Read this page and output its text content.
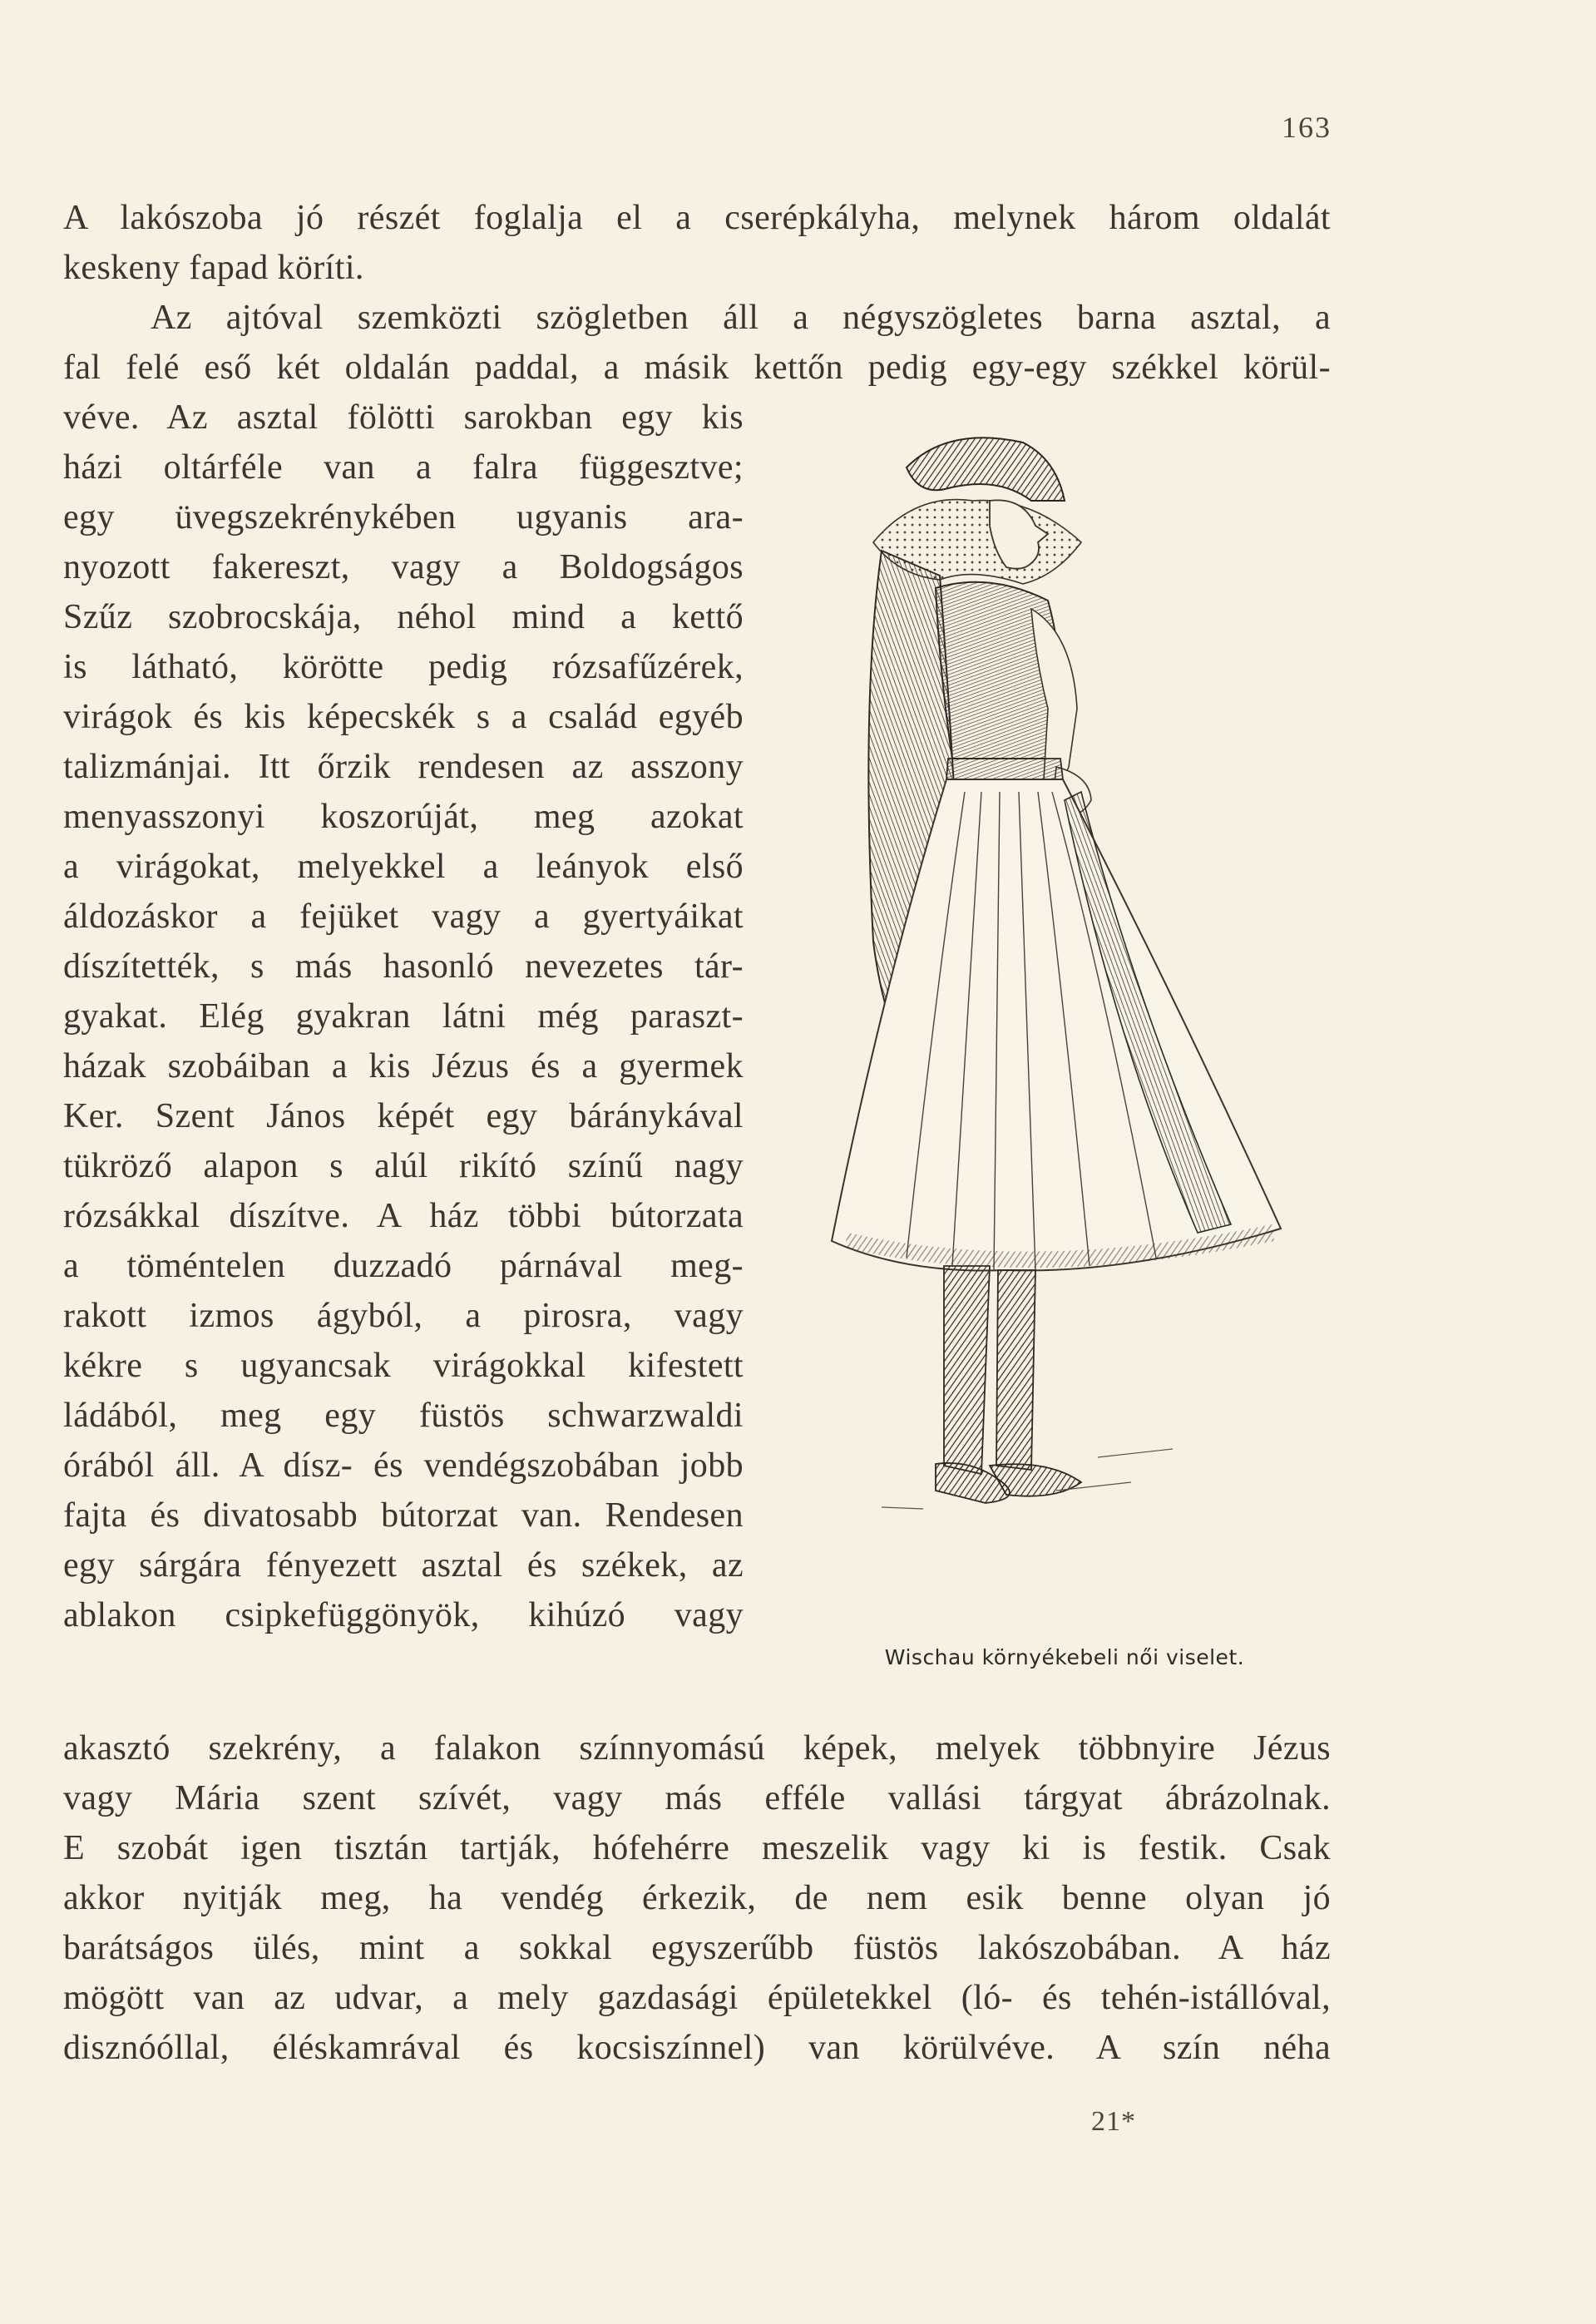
163
A lakószoba jó részét foglalja el a cserépkályha, melynek három oldalát
keskeny fapad köríti.
Az ajtóval szemközti szögletben áll a négyszögletes barna asztal, a
fal felé eső két oldalán paddal, a másik kettőn pedig egy-egy székkel körül-
véve. Az asztal fölötti sarokban egy kis
házi oltárféle van a falra függesztve;
egy üvegszekrénykében ugyanis ara-
nyozott fakereszt, vagy a Boldogságos
Szűz szobrocskája, néhol mind a kettő
is látható, körötte pedig rózsafűzérek,
virágok és kis képecskék s a család egyéb
talizmánjai. Itt őrzik rendesen az asszony
menyasszonyi koszorúját, meg azokat
a virágokat, melyekkel a leányok első
áldozáskor a fejüket vagy a gyertyáikat
díszítették, s más hasonló nevezetes tár-
gyakat. Elég gyakran látni még paraszt-
házak szobáiban a kis Jézus és a gyermek
Ker. Szent János képét egy báránykával
tükröző alapon s alúl rikító színű nagy
rózsákkal díszítve. A ház többi bútorzata
a töméntelen duzzadó párnával meg-
rakott izmos ágyból, a pirosra, vagy
kékre s ugyancsak virágokkal kifestett
ládából, meg egy füstös schwarzwaldi
órából áll. A dísz- és vendégszobában jobb
fajta és divatosabb bútorzat van. Rendesen
egy sárgára fényezett asztal és székek, az
ablakon csipkefüggönyök, kihúzó vagy
Wischau környékebeli női viselet.
akasztó szekrény, a falakon színnyomású képek, melyek többnyire Jézus
vagy Mária szent szívét, vagy más efféle vallási tárgyat ábrázolnak.
E szobát igen tisztán tartják, hófehérre meszelik vagy ki is festik. Csak
akkor nyitják meg, ha vendég érkezik, de nem esik benne olyan jó
barátságos ülés, mint a sokkal egyszerűbb füstös lakószobában. A ház
mögött van az udvar, a mely gazdasági épületekkel (ló- és tehén-istállóval,
disznóóllal, éléskamrával és kocsiszínnel) van körülvéve. A szín néha
21*
